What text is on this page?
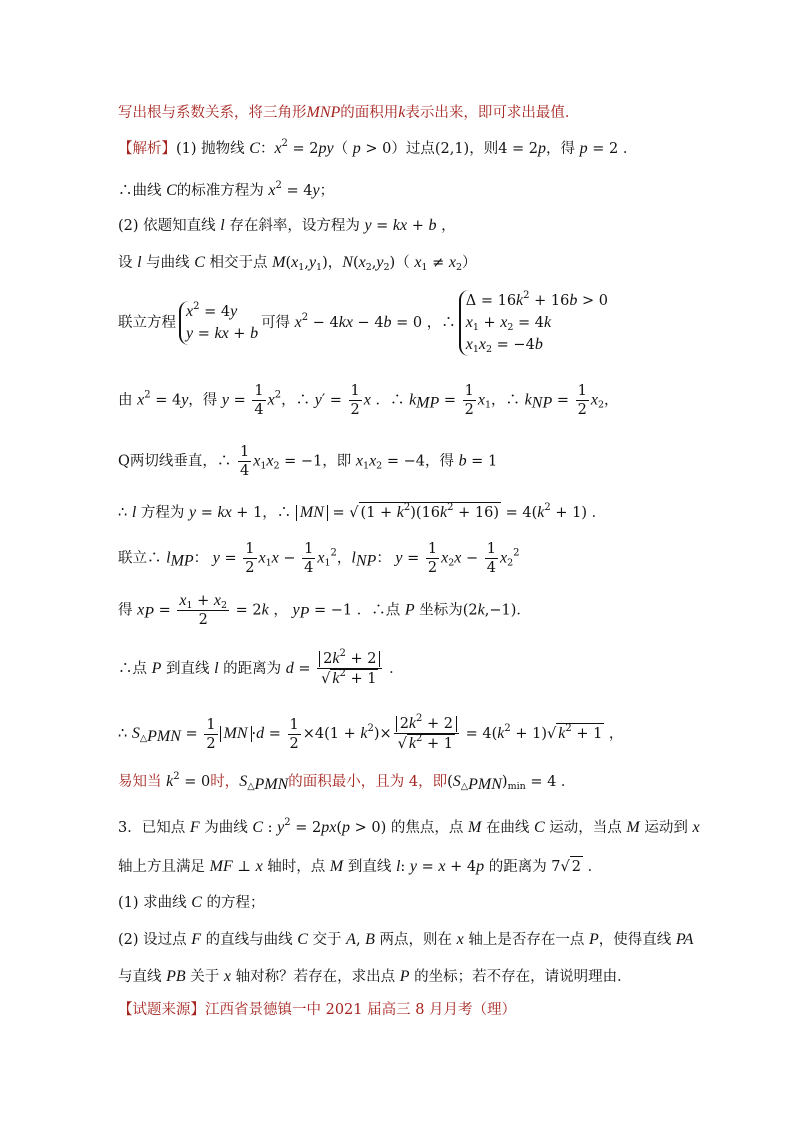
写出根与系数关系，将三角形MNP的面积用k表示出来，即可求出最值．
【解析】(1) 抛物线 C：$x^2 = 2py$（ p > 0）过点(2,1)，则4 = 2p，得 p = 2 ．
∴曲线 C的标准方程为 $x^2 = 4y$；
(2) 依题知直线 l 存在斜率，设方程为 y = kx + b ，
设 l 与曲线 C 相交于点 $M(x_1,y_1)$，$N(x_2,y_2)$（ $x_1 \ne x_2$）
联立方程
$x^2 = 4y$
y = kx + b
可得 $x^2 - 4kx - 4b = 0$ ，∴
$\Delta = 16k^2 + 16b > 0$
$x_1 + x_2 = 4k$
$x_1x_2 = -4b$
由 $x^2 = 4y$，得 $y = \frac{1}{4} x^2$，∴ $y' = \frac{1}{2}$ x ．∴ $k_{MP} = \frac{1}{2} x_1$，∴ $k_{NP} = \frac{1}{2} x_2$，
Q两切线垂直，∴ $\frac{1}{4} x_1x_2 = -1$，即 $x_1x_2 = -4$，得 b = 1
∴ l 方程为 y = kx + 1，∴ MN = √ $(1 + k^2)(16k^2 + 16) = 4(k^2 + 1)$ ．
联立∴ $l_{MP}$： $y = \frac{1}{2} x_1x - \frac{1}{4} x_1^2$，$l_{NP}$： $y = \frac{1}{2} x_2x - \frac{1}{4} x_2^2$
得 $x_P = \frac{x_1 + x_2}{2} = 2k$ ， $y_P = -1$ ．∴点 P 坐标为(2k,−1)．
∴点 P 到直线 l 的距离为 $d = \frac{2k^2 + 2}{√ k^2 + 1}$ ．
∴ $S_{\triangle PMN} = \frac{1}{2}$ MN $\cdot d = \frac{1}{2} \times 4(1 + k^2)\times \frac{2k^2 + 2}{√ k^2 + 1} = 4(k^2 + 1)√$ $k^2 + 1$ ，
易知当 $k^2 = 0$时，$S_{\triangle PMN}$的面积最小，且为 4，即$(S_{\triangle PMN})_{min} = 4$ ．
3．已知点 F 为曲线 C : $y^2 = 2px(p > 0)$ 的焦点，点 M 在曲线 C 运动，当点 M 运动到 x
轴上方且满足 MF ⊥ x 轴时，点 M 到直线 l: y = x + 4p 的距离为 7√ 2 ．
(1) 求曲线 C 的方程；
(2) 设过点 F 的直线与曲线 C 交于 A, B 两点，则在 x 轴上是否存在一点 P，使得直线 PA
与直线 PB 关于 x 轴对称？若存在，求出点 P 的坐标；若不存在，请说明理由．
【试题来源】江西省景德镇一中 2021 届高三 8 月月考（理）
